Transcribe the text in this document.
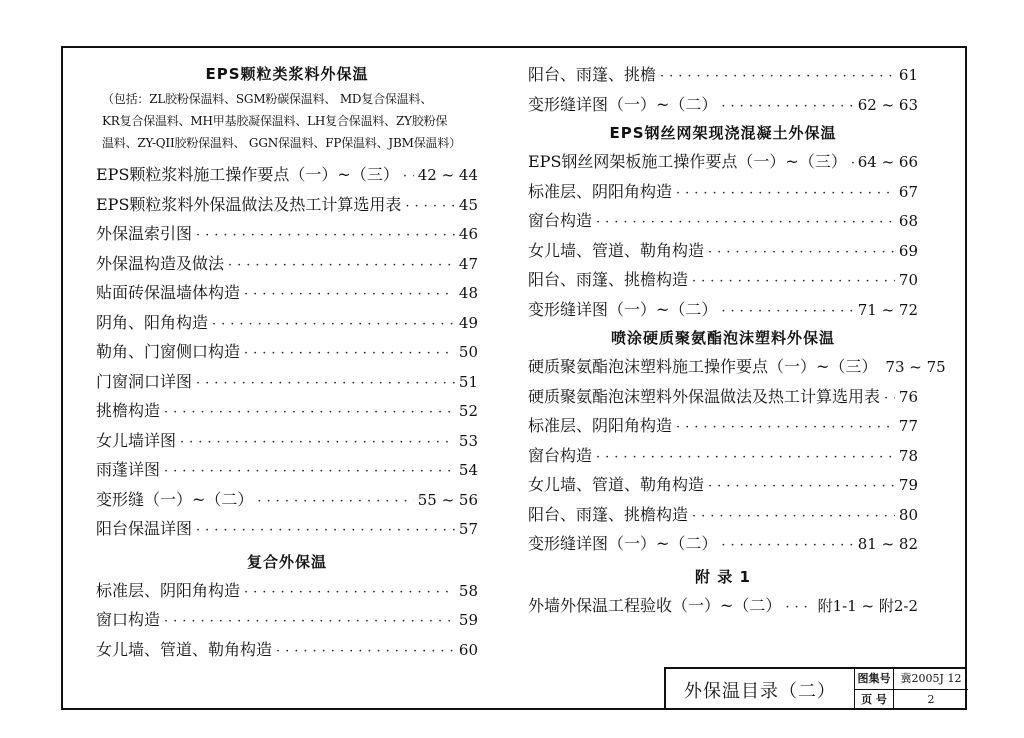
EPS颗粒类浆料外保温
（包括：ZL胶粉保温料、SGM粉碳保温料、 MD复合保温料、
KR复合保温料、MH甲基胶凝保温料、LH复合保温料、ZY胶粉保
温料、ZY-QII胶粉保温料、 GGN保温料、FP保温料、JBM保温料）
EPS颗粒浆料施工操作要点（一）~（三） ····· 42 ~ 44
EPS颗粒浆料外保温做法及热工计算选用表 ·····	45
外保温索引图 ·····	46
外保温构造及做法 ·····	47
贴面砖保温墙体构造 ·····	48
阴角、阳角构造 ·····	49
勒角、门窗侧口构造 ·····	50
门窗洞口详图 ·····	51
挑檐构造 ·····	52
女儿墙详图 ·····	53
雨蓬详图 ·····	54
变形缝（一）~（二） ·····	55 ~ 56
阳台保温详图 ·····	57
复合外保温
标准层、阴阳角构造 ·····	58
窗口构造 ·····	59
女儿墙、管道、勒角构造 ·····	60
阳台、雨篷、挑檐 ·····	61
变形缝详图（一）~（二） ·····	62 ~ 63
EPS钢丝网架现浇混凝土外保温
EPS钢丝网架板施工操作要点（一）~（三） ····· 64 ~ 66
标准层、阴阳角构造 ·····	67
窗台构造 ·····	68
女儿墙、管道、勒角构造 ·····	69
阳台、雨篷、挑檐构造 ·····	70
变形缝详图（一）~（二） ·····	71 ~ 72
喷涂硬质聚氨酯泡沫塑料外保温
硬质聚氨酯泡沫塑料施工操作要点（一）~（三） 73 ~ 75
硬质聚氨酯泡沫塑料外保温做法及热工计算选用表 ····· 76
标准层、阴阳角构造 ·····	77
窗台构造 ·····	78
女儿墙、管道、勒角构造 ·····	79
阳台、雨篷、挑檐构造 ·····	80
变形缝详图（一）~（二） ·····	81 ~ 82
附 录 1
外墙外保温工程验收（一）~（二） ····· 附1-1 ~ 附2-2
外保温目录（二）
图集号 冀2005J 12
页 号	2
